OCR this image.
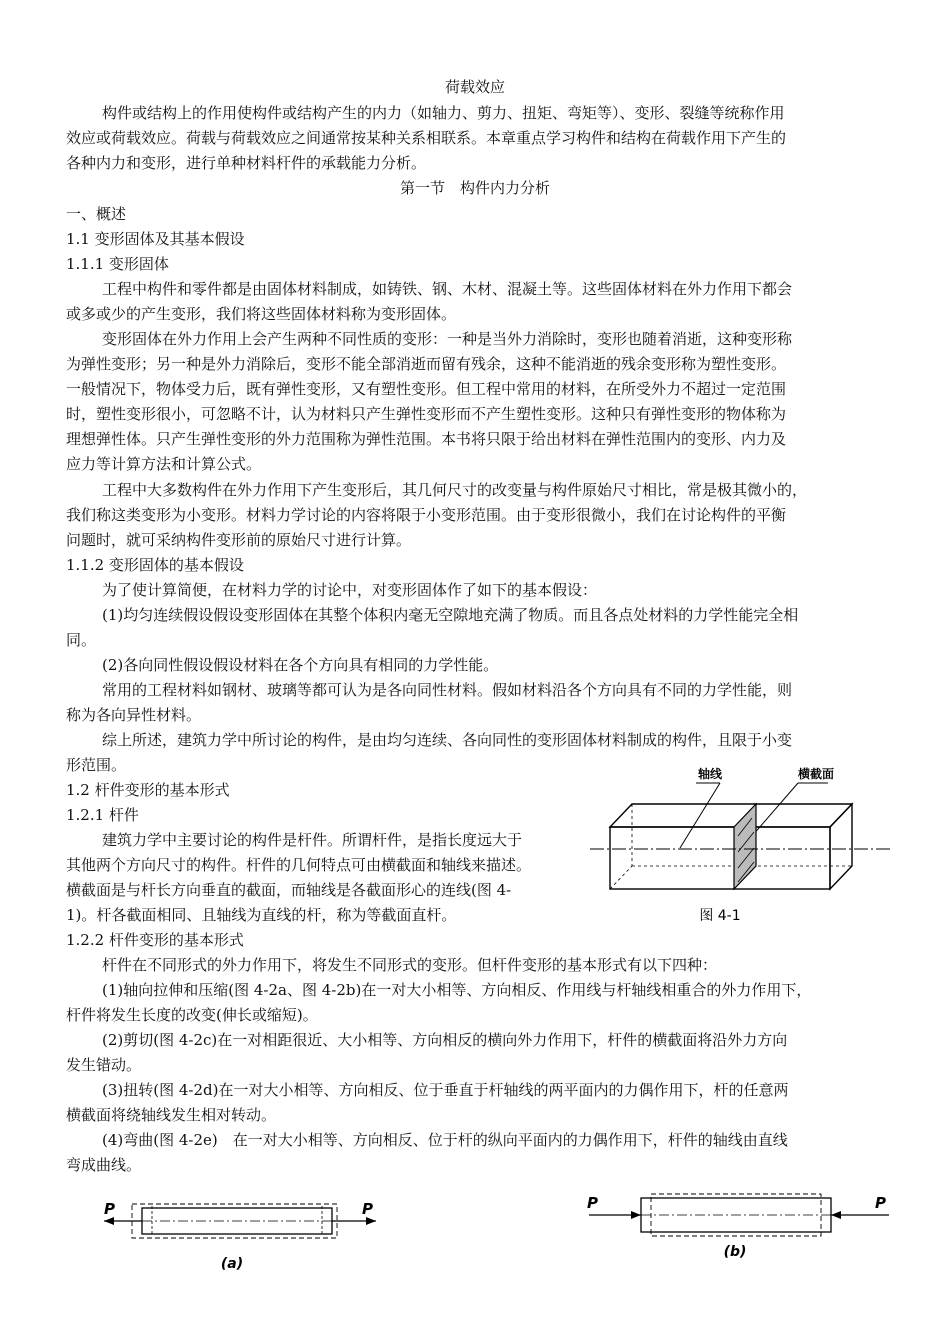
荷载效应
构件或结构上的作用使构件或结构产生的内力（如轴力、剪力、扭矩、弯矩等）、变形、裂缝等统称作用
效应或荷载效应。荷载与荷载效应之间通常按某种关系相联系。本章重点学习构件和结构在荷载作用下产生的
各种内力和变形，进行单种材料杆件的承载能力分析。
第一节　构件内力分析
一、概述
1.1 变形固体及其基本假设
1.1.1 变形固体
工程中构件和零件都是由固体材料制成，如铸铁、钢、木材、混凝土等。这些固体材料在外力作用下都会
或多或少的产生变形，我们将这些固体材料称为变形固体。
变形固体在外力作用上会产生两种不同性质的变形：一种是当外力消除时，变形也随着消逝，这种变形称
为弹性变形；另一种是外力消除后，变形不能全部消逝而留有残余，这种不能消逝的残余变形称为塑性变形。
一般情况下，物体受力后，既有弹性变形，又有塑性变形。但工程中常用的材料，在所受外力不超过一定范围
时，塑性变形很小，可忽略不计，认为材料只产生弹性变形而不产生塑性变形。这种只有弹性变形的物体称为
理想弹性体。只产生弹性变形的外力范围称为弹性范围。本书将只限于给出材料在弹性范围内的变形、内力及
应力等计算方法和计算公式。
工程中大多数构件在外力作用下产生变形后，其几何尺寸的改变量与构件原始尺寸相比，常是极其微小的，
我们称这类变形为小变形。材料力学讨论的内容将限于小变形范围。由于变形很微小，我们在讨论构件的平衡
问题时，就可采纳构件变形前的原始尺寸进行计算。
1.1.2 变形固体的基本假设
为了使计算简便，在材料力学的讨论中，对变形固体作了如下的基本假设：
(1)均匀连续假设假设变形固体在其整个体积内毫无空隙地充满了物质。而且各点处材料的力学性能完全相
同。
(2)各向同性假设假设材料在各个方向具有相同的力学性能。
常用的工程材料如钢材、玻璃等都可认为是各向同性材料。假如材料沿各个方向具有不同的力学性能，则
称为各向异性材料。
综上所述，建筑力学中所讨论的构件，是由均匀连续、各向同性的变形固体材料制成的构件，且限于小变
形范围。
1.2 杆件变形的基本形式
1.2.1 杆件
建筑力学中主要讨论的构件是杆件。所谓杆件，是指长度远大于
其他两个方向尺寸的构件。杆件的几何特点可由横截面和轴线来描述。
横截面是与杆长方向垂直的截面，而轴线是各截面形心的连线(图 4-
1)。杆各截面相同、且轴线为直线的杆，称为等截面直杆。
轴线	横截面
图 4-1
1.2.2 杆件变形的基本形式
杆件在不同形式的外力作用下，将发生不同形式的变形。但杆件变形的基本形式有以下四种：
(1)轴向拉伸和压缩(图 4-2a、图 4-2b)在一对大小相等、方向相反、作用线与杆轴线相重合的外力作用下，
杆件将发生长度的改变(伸长或缩短)。
(2)剪切(图 4-2c)在一对相距很近、大小相等、方向相反的横向外力作用下，杆件的横截面将沿外力方向
发生错动。
(3)扭转(图 4-2d)在一对大小相等、方向相反、位于垂直于杆轴线的两平面内的力偶作用下，杆的任意两
横截面将绕轴线发生相对转动。
(4)弯曲(图 4-2e)　在一对大小相等、方向相反、位于杆的纵向平面内的力偶作用下，杆件的轴线由直线
弯成曲线。
P	P
(a)
P	P
(b)
